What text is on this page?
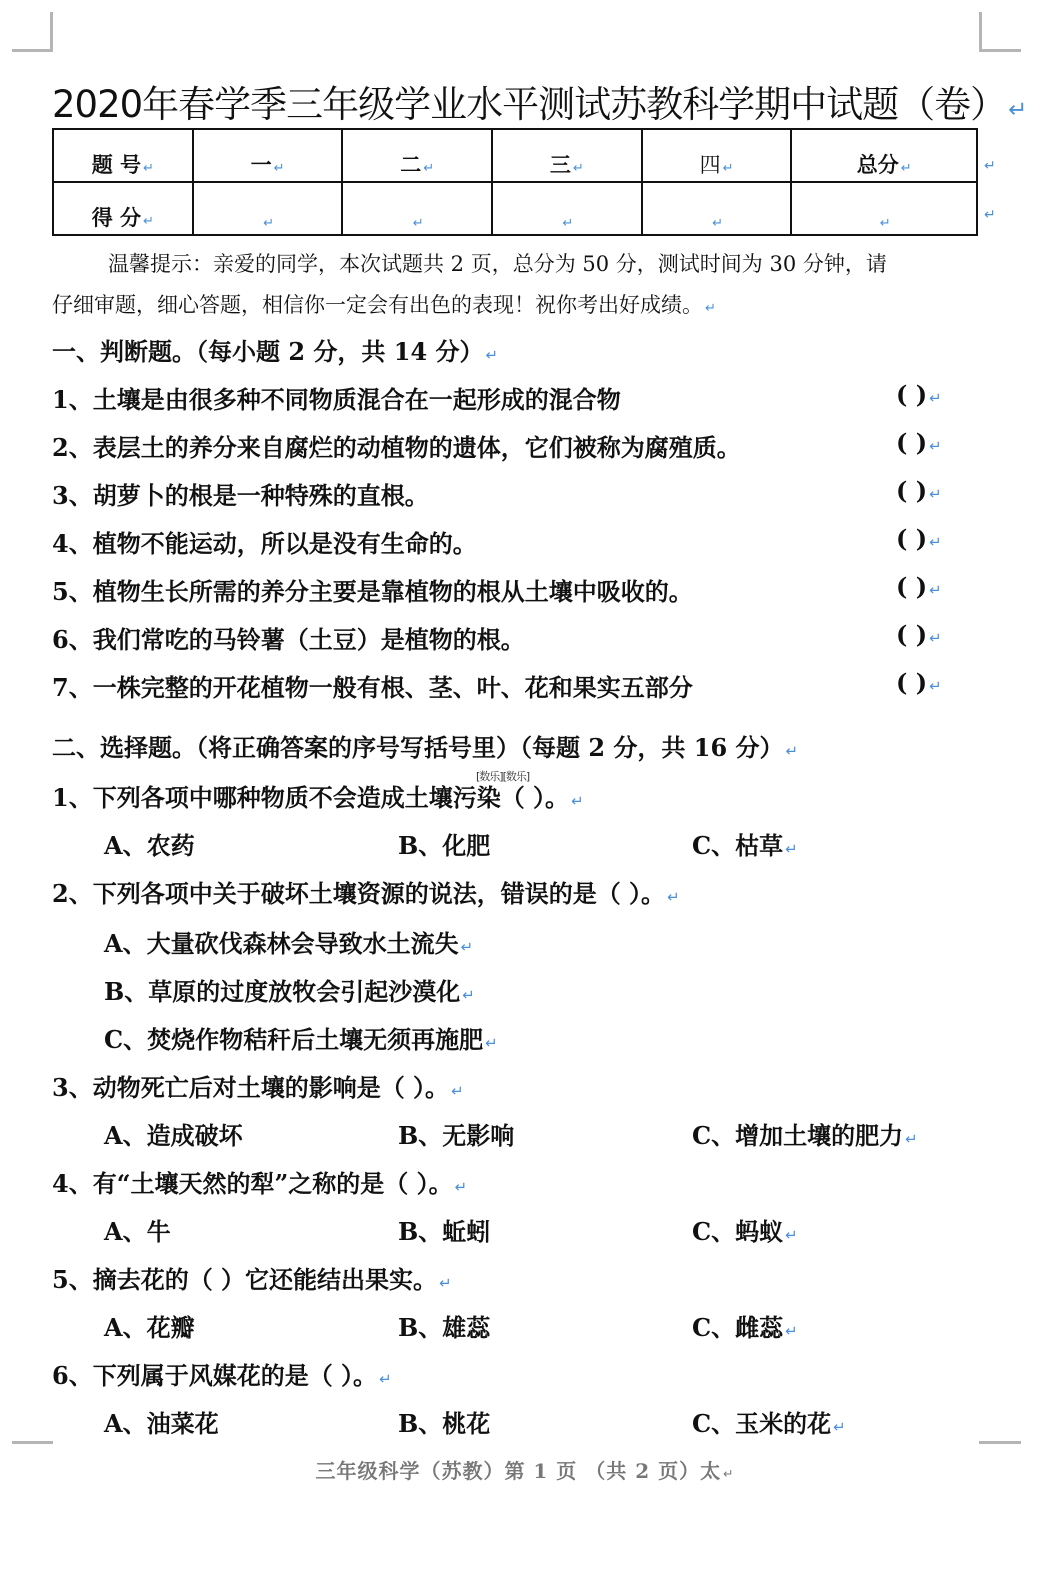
2020年春学季三年级学业水平测试苏教科学期中试题（卷）↵
题 号 ↵	一 ↵	二 ↵	三 ↵	四 ↵	总分 ↵
得 分 ↵	↵	↵	↵	↵	↵
↵
↵
温馨提示：亲爱的同学，本次试题共 2 页，总分为 50 分，测试时间为 30 分钟，请
仔细审题，细心答题，相信你一定会有出色的表现！祝你考出好成绩。 ↵
一、判断题。（每小题 2 分，共 14 分） ↵
1、土壤是由很多种不同物质混合在一起形成的混合物	( ) ↵
2、表层土的养分来自腐烂的动植物的遗体，它们被称为腐殖质。	( ) ↵
3、胡萝卜的根是一种特殊的直根。	( ) ↵
4、植物不能运动，所以是没有生命的。	( ) ↵
5、植物生长所需的养分主要是靠植物的根从土壤中吸收的。	( ) ↵
6、我们常吃的马铃薯（土豆）是植物的根。	( ) ↵
7、一株完整的开花植物一般有根、茎、叶、花和果实五部分	( ) ↵
二、选择题。（将正确答案的序号写括号里）（每题 2 分，共 16 分） ↵
1、下列各项中哪种物质不会造成土壤污染（ ）。 ↵
[数乐][数乐]
A、农药	B、化肥	C、枯草 ↵
2、下列各项中关于破坏土壤资源的说法，错误的是（ ）。 ↵
A、大量砍伐森林会导致水土流失 ↵
B、草原的过度放牧会引起沙漠化 ↵
C、焚烧作物秸秆后土壤无须再施肥 ↵
3、动物死亡后对土壤的影响是（ ）。 ↵
A、造成破坏	B、无影响	C、增加土壤的肥力 ↵
4、有“土壤天然的犁”之称的是（ ）。 ↵
A、牛	B、蚯蚓	C、蚂蚁 ↵
5、摘去花的（ ）它还能结出果实。 ↵
A、花瓣	B、雄蕊	C、雌蕊 ↵
6、下列属于风媒花的是（ ）。 ↵
A、油菜花	B、桃花	C、玉米的花 ↵
三年级科学（苏教）第 1 页 （共 2 页）太 ↵
